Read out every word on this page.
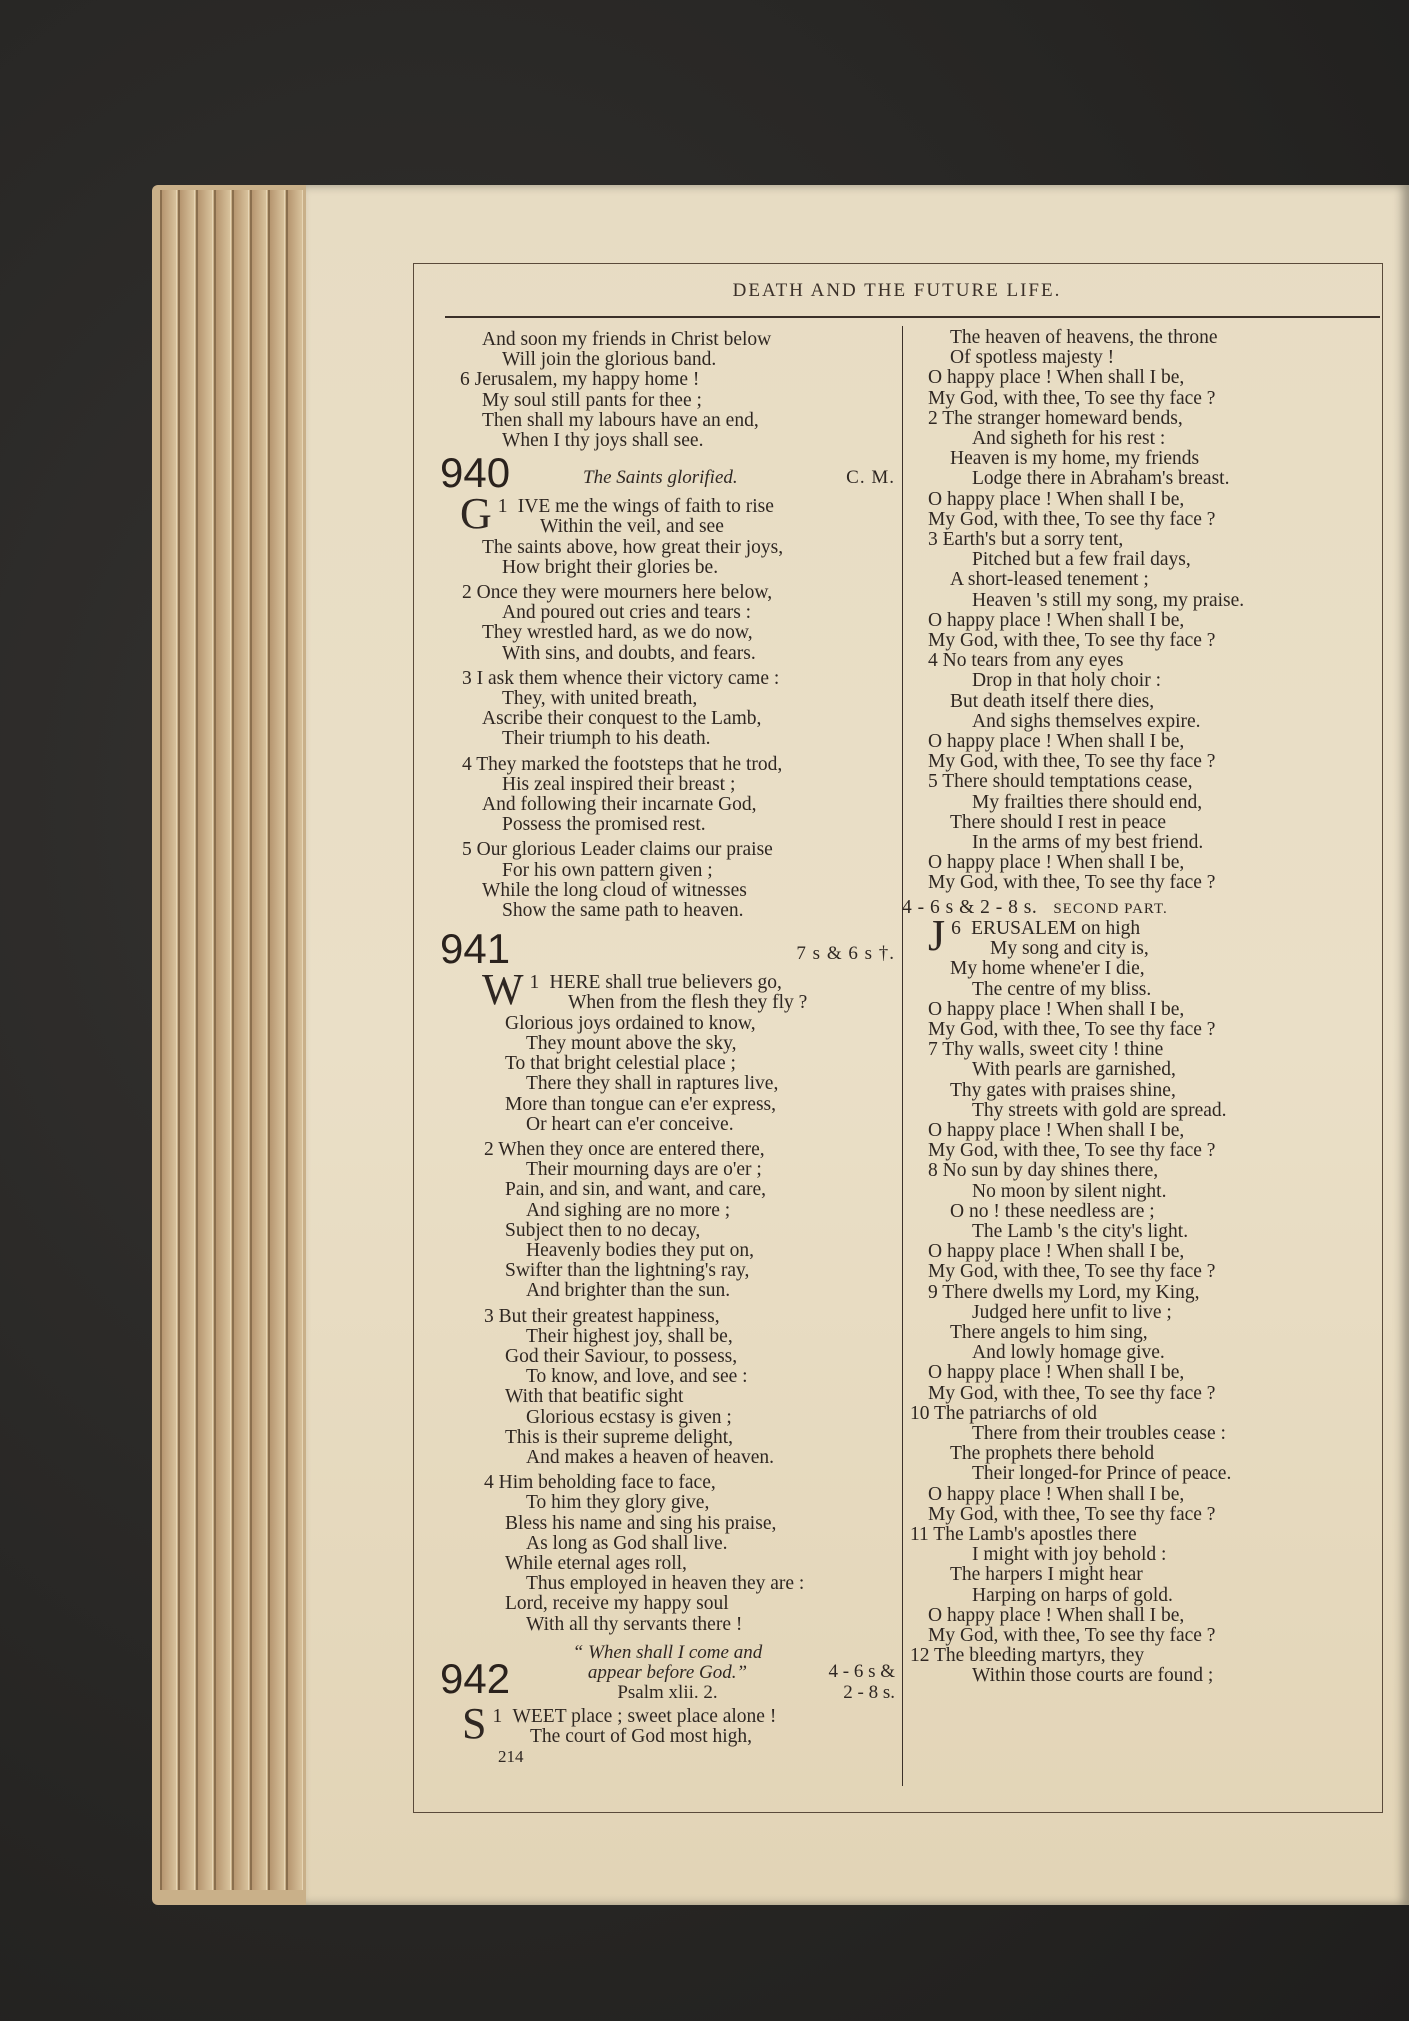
DEATH AND THE FUTURE LIFE.
And soon my friends in Christ below
Will join the glorious band.
6 Jerusalem, my happy home !
My soul still pants for thee ;
Then shall my labours have an end,
When I thy joys shall see.
940	The Saints glorified.	C. M.
1
G IVE me the wings of faith to rise
Within the veil, and see
The saints above, how great their joys,
How bright their glories be.
2 Once they were mourners here below,
And poured out cries and tears :
They wrestled hard, as we do now,
With sins, and doubts, and fears.
3 I ask them whence their victory came :
They, with united breath,
Ascribe their conquest to the Lamb,
Their triumph to his death.
4 They marked the footsteps that he trod,
His zeal inspired their breast ;
And following their incarnate God,
Possess the promised rest.
5 Our glorious Leader claims our praise
For his own pattern given ;
While the long cloud of witnesses
Show the same path to heaven.
941	7 s & 6 s †.
1
W HERE shall true believers go,
When from the flesh they fly ?
Glorious joys ordained to know,
They mount above the sky,
To that bright celestial place ;
There they shall in raptures live,
More than tongue can e'er express,
Or heart can e'er conceive.
2 When they once are entered there,
Their mourning days are o'er ;
Pain, and sin, and want, and care,
And sighing are no more ;
Subject then to no decay,
Heavenly bodies they put on,
Swifter than the lightning's ray,
And brighter than the sun.
3 But their greatest happiness,
Their highest joy, shall be,
God their Saviour, to possess,
To know, and love, and see :
With that beatific sight
Glorious ecstasy is given ;
This is their supreme delight,
And makes a heaven of heaven.
4 Him beholding face to face,
To him they glory give,
Bless his name and sing his praise,
As long as God shall live.
While eternal ages roll,
Thus employed in heaven they are :
Lord, receive my happy soul
With all thy servants there !
942
“ When shall I come and
appear before God.”
Psalm xlii. 2.
4 - 6 s &
2 - 8 s.
1
S WEET place ; sweet place alone !
The court of God most high,
214
The heaven of heavens, the throne
Of spotless majesty !
O happy place ! When shall I be,
My God, with thee, To see thy face ?
2 The stranger homeward bends,
And sigheth for his rest :
Heaven is my home, my friends
Lodge there in Abraham's breast.
O happy place ! When shall I be,
My God, with thee, To see thy face ?
3 Earth's but a sorry tent,
Pitched but a few frail days,
A short-leased tenement ;
Heaven 's still my song, my praise.
O happy place ! When shall I be,
My God, with thee, To see thy face ?
4 No tears from any eyes
Drop in that holy choir :
But death itself there dies,
And sighs themselves expire.
O happy place ! When shall I be,
My God, with thee, To see thy face ?
5 There should temptations cease,
My frailties there should end,
There should I rest in peace
In the arms of my best friend.
O happy place ! When shall I be,
My God, with thee, To see thy face ?
4 - 6 s & 2 - 8 s. SECOND PART.
6
J ERUSALEM on high
My song and city is,
My home whene'er I die,
The centre of my bliss.
O happy place ! When shall I be,
My God, with thee, To see thy face ?
7 Thy walls, sweet city ! thine
With pearls are garnished,
Thy gates with praises shine,
Thy streets with gold are spread.
O happy place ! When shall I be,
My God, with thee, To see thy face ?
8 No sun by day shines there,
No moon by silent night.
O no ! these needless are ;
The Lamb 's the city's light.
O happy place ! When shall I be,
My God, with thee, To see thy face ?
9 There dwells my Lord, my King,
Judged here unfit to live ;
There angels to him sing,
And lowly homage give.
O happy place ! When shall I be,
My God, with thee, To see thy face ?
10 The patriarchs of old
There from their troubles cease :
The prophets there behold
Their longed-for Prince of peace.
O happy place ! When shall I be,
My God, with thee, To see thy face ?
11 The Lamb's apostles there
I might with joy behold :
The harpers I might hear
Harping on harps of gold.
O happy place ! When shall I be,
My God, with thee, To see thy face ?
12 The bleeding martyrs, they
Within those courts are found ;
